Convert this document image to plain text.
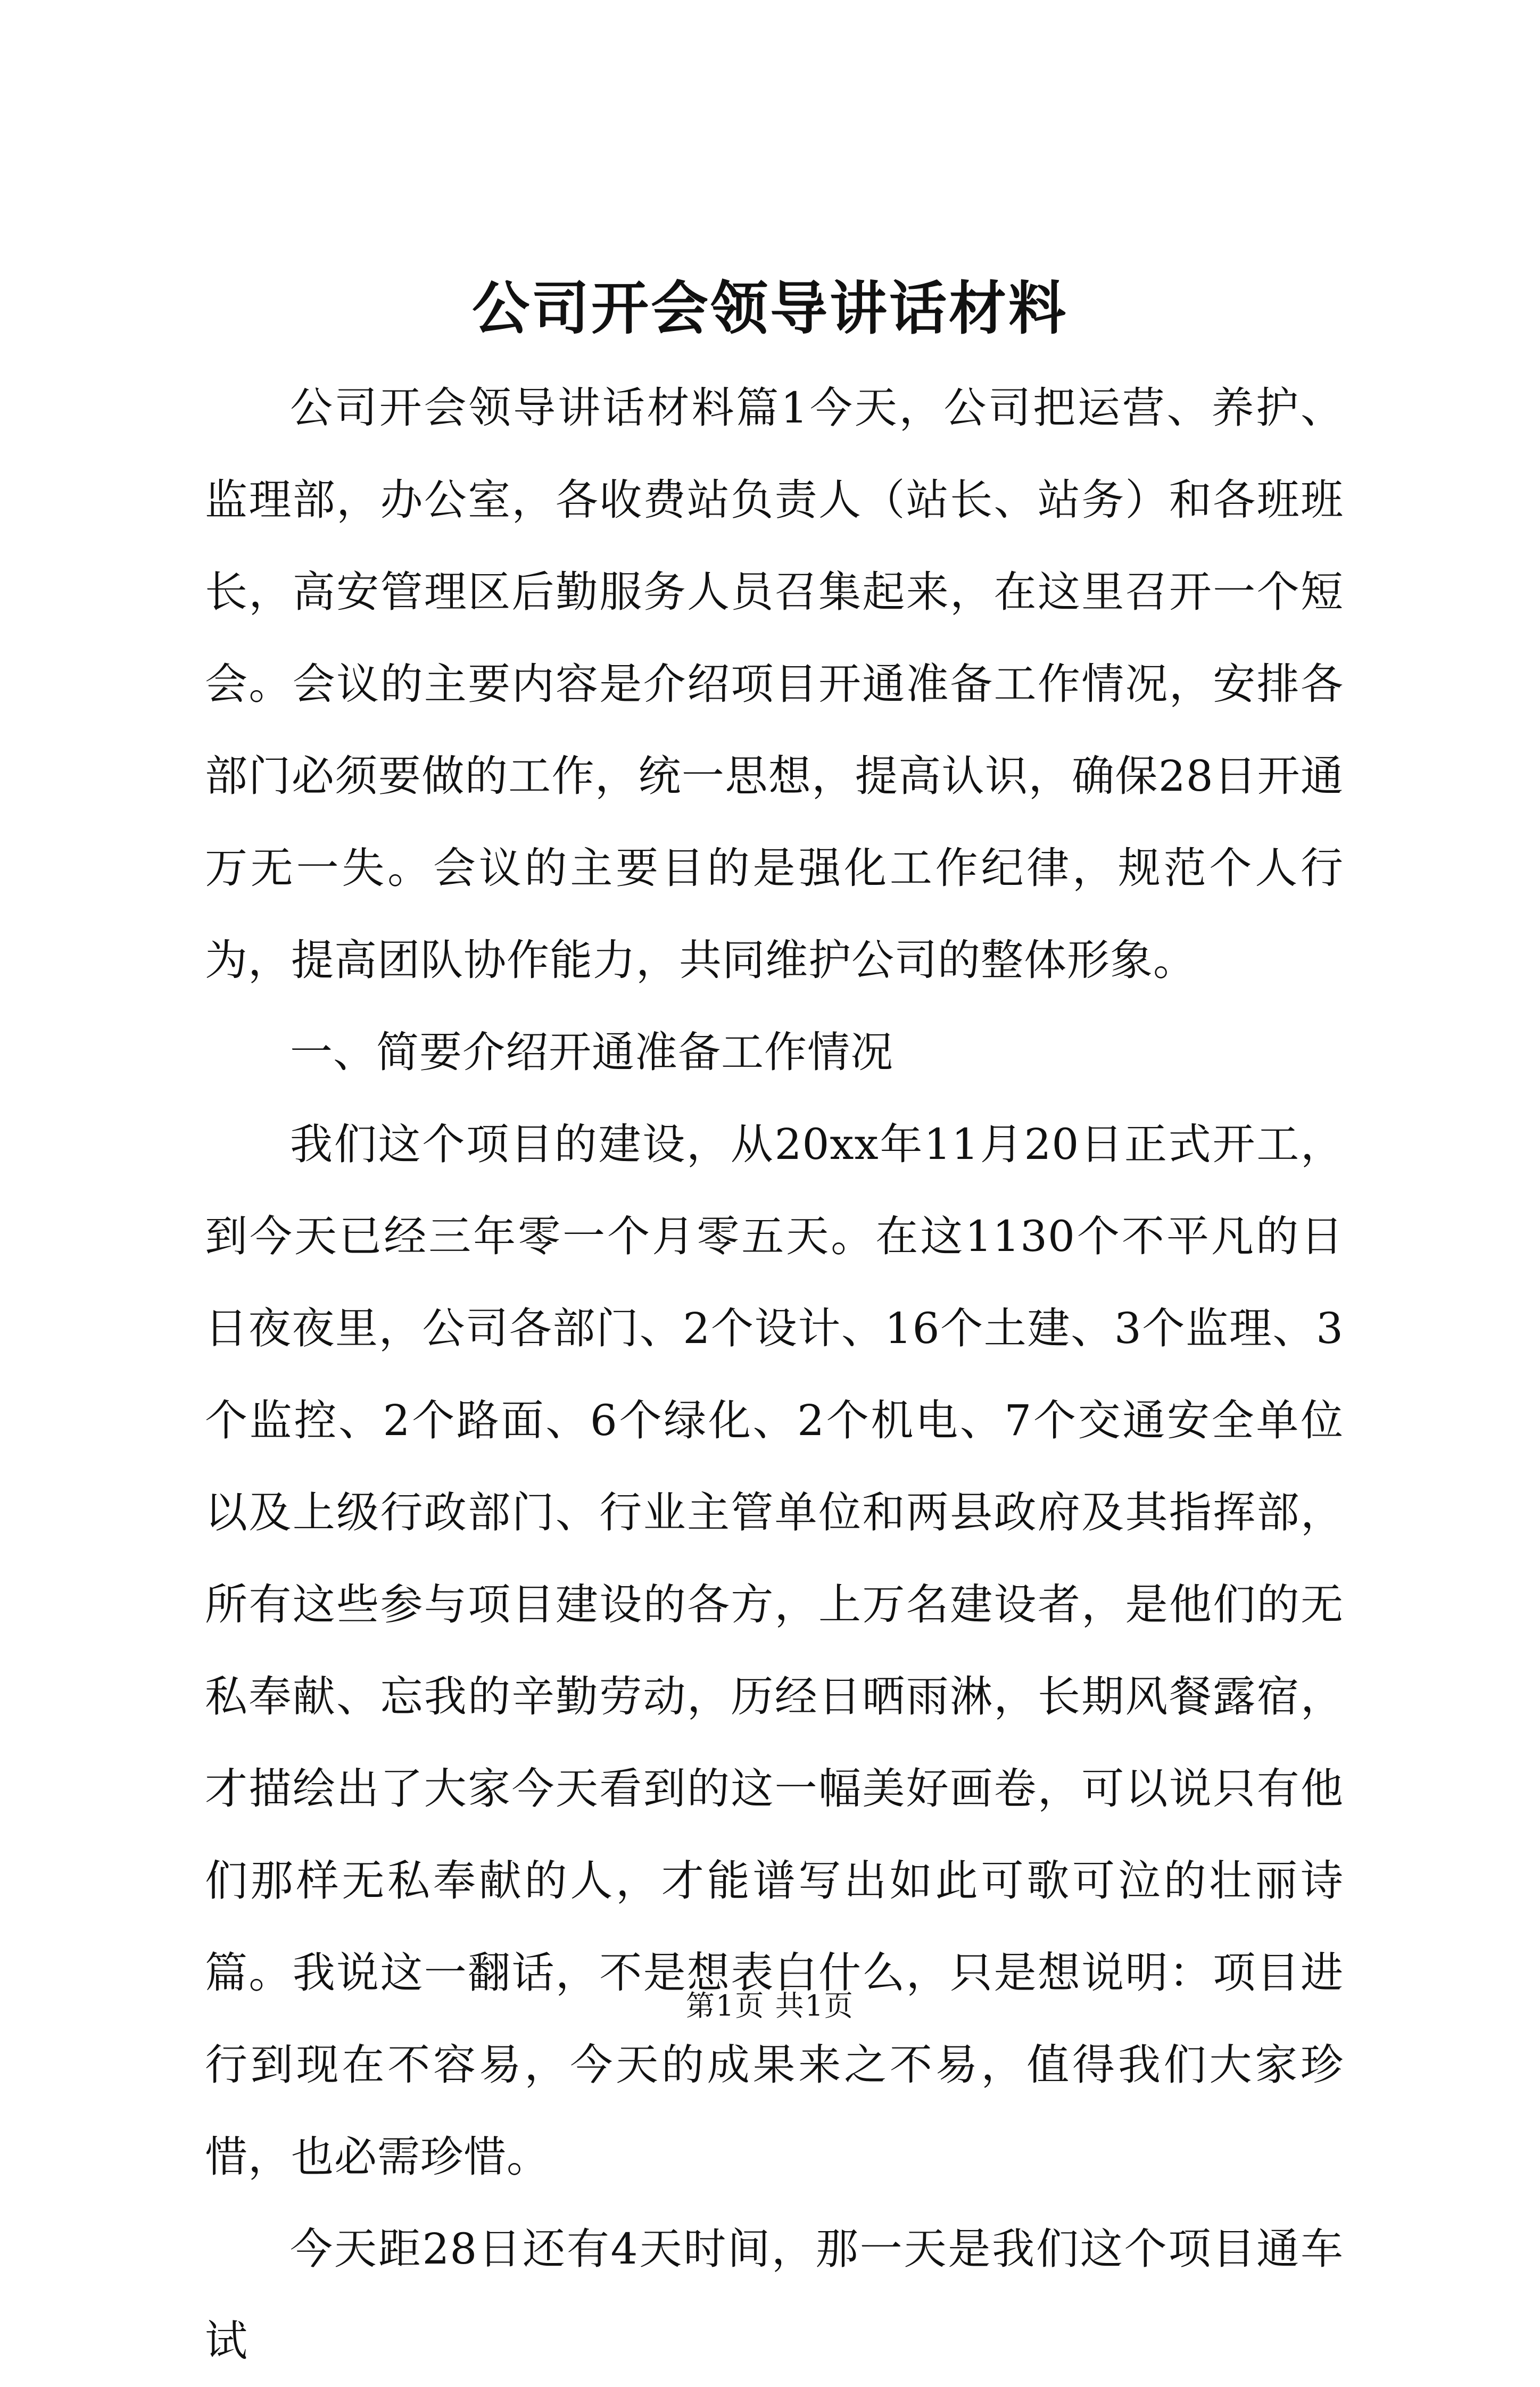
公司开会领导讲话材料

公司开会领导讲话材料篇1今天，公司把运营、养护、监理部，办公室，各收费站负责人（站长、站务）和各班班长，高安管理区后勤服务人员召集起来，在这里召开一个短会。会议的主要内容是介绍项目开通准备工作情况，安排各部门必须要做的工作，统一思想，提高认识，确保28日开通万无一失。会议的主要目的是强化工作纪律，规范个人行为，提高团队协作能力，共同维护公司的整体形象。

一、简要介绍开通准备工作情况

我们这个项目的建设，从20xx年11月20日正式开工，到今天已经三年零一个月零五天。在这1130个不平凡的日日夜夜里，公司各部门、2个设计、16个土建、3个监理、3个监控、2个路面、6个绿化、2个机电、7个交通安全单位以及上级行政部门、行业主管单位和两县政府及其指挥部，所有这些参与项目建设的各方，上万名建设者，是他们的无私奉献、忘我的辛勤劳动，历经日晒雨淋，长期风餐露宿，才描绘出了大家今天看到的这一幅美好画卷，可以说只有他们那样无私奉献的人，才能谱写出如此可歌可泣的壮丽诗篇。我说这一翻话，不是想表白什么，只是想说明：项目进行到现在不容易，今天的成果来之不易，值得我们大家珍惜，也必需珍惜。

今天距28日还有4天时间，那一天是我们这个项目通车试

第1页 共1页
